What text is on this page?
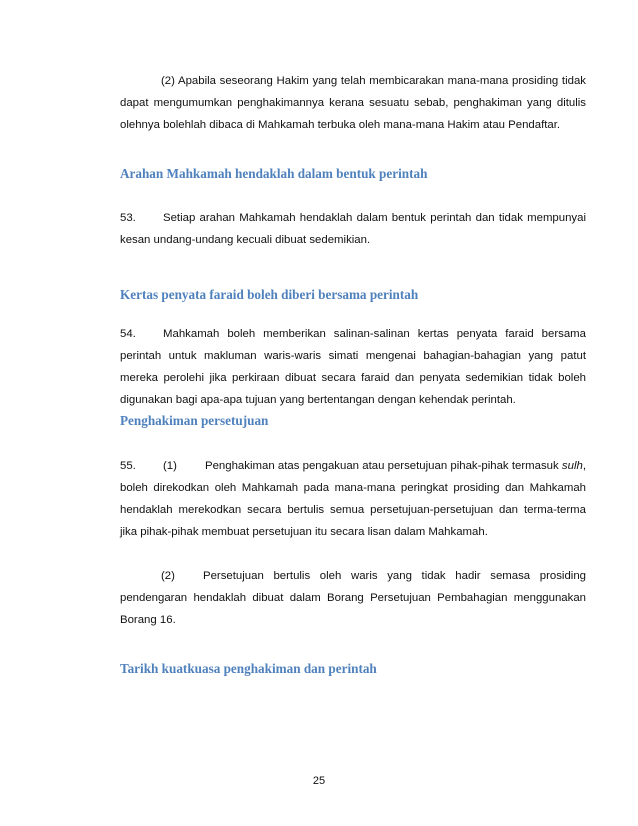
(2) Apabila seseorang Hakim yang telah membicarakan mana-mana prosiding tidak dapat mengumumkan penghakimannya kerana sesuatu sebab, penghakiman yang ditulis olehnya bolehlah dibaca di Mahkamah terbuka oleh mana-mana Hakim atau Pendaftar.

Arahan Mahkamah hendaklah dalam bentuk perintah

53. Setiap arahan Mahkamah hendaklah dalam bentuk perintah dan tidak mempunyai kesan undang-undang kecuali dibuat sedemikian.

Kertas penyata faraid boleh diberi bersama perintah

54. Mahkamah boleh memberikan salinan-salinan kertas penyata faraid bersama perintah untuk makluman waris-waris simati mengenai bahagian-bahagian yang patut mereka perolehi jika perkiraan dibuat secara faraid dan penyata sedemikian tidak boleh digunakan bagi apa-apa tujuan yang bertentangan dengan kehendak perintah.

Penghakiman persetujuan

55. (1) Penghakiman atas pengakuan atau persetujuan pihak-pihak termasuk sulh, boleh direkodkan oleh Mahkamah pada mana-mana peringkat prosiding dan Mahkamah hendaklah merekodkan secara bertulis semua persetujuan-persetujuan dan terma-terma jika pihak-pihak membuat persetujuan itu secara lisan dalam Mahkamah.

(2) Persetujuan bertulis oleh waris yang tidak hadir semasa prosiding pendengaran hendaklah dibuat dalam Borang Persetujuan Pembahagian menggunakan Borang 16.

Tarikh kuatkuasa penghakiman dan perintah

25
